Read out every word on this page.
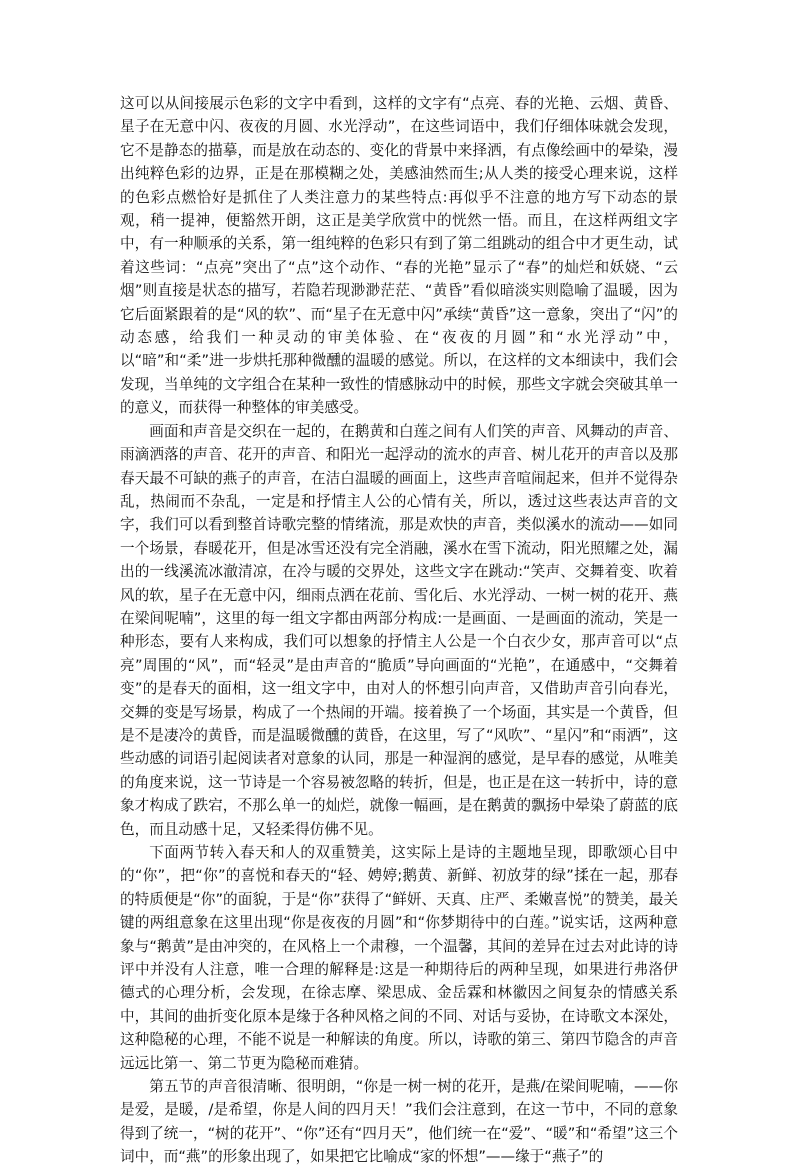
这可以从间接展示色彩的文字中看到，这样的文字有“点亮、春的光艳、云烟、黄昏、星子在无意中闪、夜夜的月圆、水光浮动”，在这些词语中，我们仔细体味就会发现，它不是静态的描摹，而是放在动态的、变化的背景中来择洒，有点像绘画中的晕染，漫出纯粹色彩的边界，正是在那模糊之处，美感油然而生;从人类的接受心理来说，这样的色彩点燃恰好是抓住了人类注意力的某些特点:再似乎不注意的地方写下动态的景观，稍一提神，便豁然开朗，这正是美学欣赏中的恍然一悟。而且，在这样两组文字中，有一种顺承的关系，第一组纯粹的色彩只有到了第二组跳动的组合中才更生动，试着这些词：“点亮”突出了“点”这个动作、“春的光艳”显示了“春”的灿烂和妖娆、“云烟”则直接是状态的描写，若隐若现渺渺茫茫、“黄昏”看似暗淡实则隐喻了温暖，因为它后面紧跟着的是“风的软”、而“星子在无意中闪”承续“黄昏”这一意象，突出了“闪”的动态感，给我们一种灵动的审美体验、在“夜夜的月圆”和“水光浮动”中，以“暗”和“柔”进一步烘托那种微醺的温暖的感觉。所以，在这样的文本细读中，我们会发现，当单纯的文字组合在某种一致性的情感脉动中的时候，那些文字就会突破其单一的意义，而获得一种整体的审美感受。

画面和声音是交织在一起的，在鹅黄和白莲之间有人们笑的声音、风舞动的声音、雨滴洒落的声音、花开的声音、和阳光一起浮动的流水的声音、树儿花开的声音以及那春天最不可缺的燕子的声音，在洁白温暖的画面上，这些声音喧闹起来，但并不觉得杂乱，热闹而不杂乱，一定是和抒情主人公的心情有关，所以，透过这些表达声音的文字，我们可以看到整首诗歌完整的情绪流，那是欢快的声音，类似溪水的流动——如同一个场景，春暖花开，但是冰雪还没有完全消融，溪水在雪下流动，阳光照耀之处，漏出的一线溪流冰澈清凉，在冷与暖的交界处，这些文字在跳动:“笑声、交舞着变、吹着风的软，星子在无意中闪，细雨点洒在花前、雪化后、水光浮动、一树一树的花开、燕在梁间呢喃”，这里的每一组文字都由两部分构成:一是画面、一是画面的流动，笑是一种形态，要有人来构成，我们可以想象的抒情主人公是一个白衣少女，那声音可以“点亮”周围的“风”，而“轻灵”是由声音的“脆质”导向画面的“光艳”，在通感中，“交舞着变”的是春天的面相，这一组文字中，由对人的怀想引向声音，又借助声音引向春光，交舞的变是写场景，构成了一个热闹的开端。接着换了一个场面，其实是一个黄昏，但是不是凄冷的黄昏，而是温暖微醺的黄昏，在这里，写了“风吹”、“星闪”和“雨洒”，这些动感的词语引起阅读者对意象的认同，那是一种湿润的感觉，是早春的感觉，从唯美的角度来说，这一节诗是一个容易被忽略的转折，但是，也正是在这一转折中，诗的意象才构成了跌宕，不那么单一的灿烂，就像一幅画，是在鹅黄的飘扬中晕染了蔚蓝的底色，而且动感十足，又轻柔得仿佛不见。

下面两节转入春天和人的双重赞美，这实际上是诗的主题地呈现，即歌颂心目中的“你”，把“你”的喜悦和春天的“轻、娉婷;鹅黄、新鲜、初放芽的绿”揉在一起，那春的特质便是“你”的面貌，于是“你”获得了“鲜妍、天真、庄严、柔嫩喜悦”的赞美，最关键的两组意象在这里出现“你是夜夜的月圆”和“你梦期待中的白莲。”说实话，这两种意象与“鹅黄”是由冲突的，在风格上一个肃穆，一个温馨，其间的差异在过去对此诗的诗评中并没有人注意，唯一合理的解释是:这是一种期待后的两种呈现，如果进行弗洛伊德式的心理分析，会发现，在徐志摩、梁思成、金岳霖和林徽因之间复杂的情感关系中，其间的曲折变化原本是缘于各种风格之间的不同、对话与妥协，在诗歌文本深处，这种隐秘的心理，不能不说是一种解读的角度。所以，诗歌的第三、第四节隐含的声音远远比第一、第二节更为隐秘而难猜。

第五节的声音很清晰、很明朗，“你是一树一树的花开，是燕/在梁间呢喃，——你是爱，是暖，/是希望，你是人间的四月天！”我们会注意到，在这一节中，不同的意象得到了统一，“树的花开”、“你”还有“四月天”，他们统一在“爱”、“暖”和“希望”这三个词中，而“燕”的形象出现了，如果把它比喻成“家的怀想”——缘于“燕子”的
